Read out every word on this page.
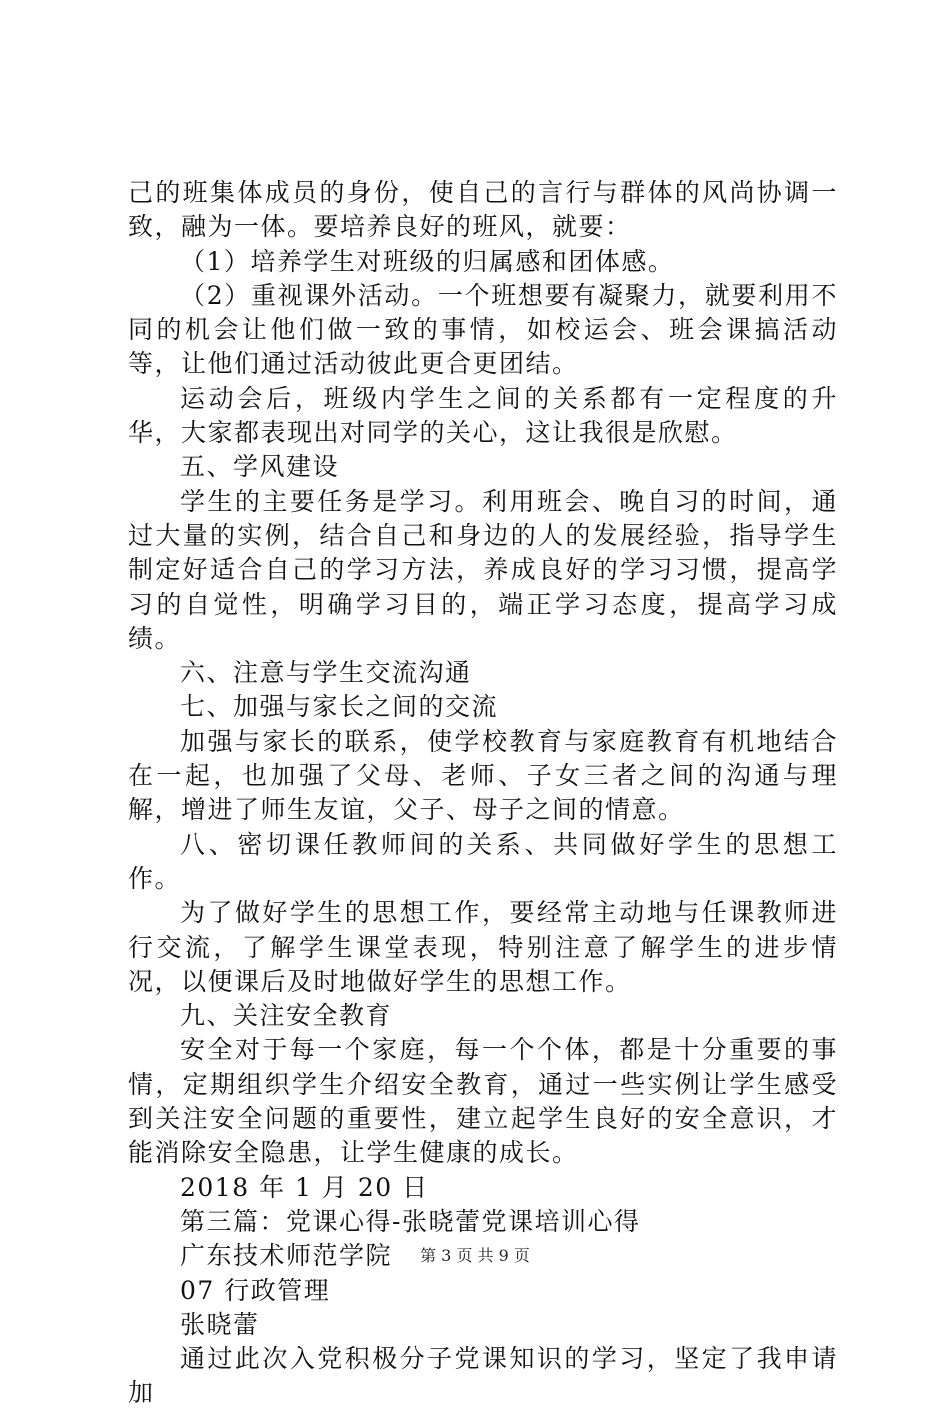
己的班集体成员的身份，使自己的言行与群体的风尚协调一致，融为一体。要培养良好的班风，就要：

（1）培养学生对班级的归属感和团体感。

（2）重视课外活动。一个班想要有凝聚力，就要利用不同的机会让他们做一致的事情，如校运会、班会课搞活动等，让他们通过活动彼此更合更团结。

运动会后，班级内学生之间的关系都有一定程度的升华，大家都表现出对同学的关心，这让我很是欣慰。

五、学风建设

学生的主要任务是学习。利用班会、晚自习的时间，通过大量的实例，结合自己和身边的人的发展经验，指导学生制定好适合自己的学习方法，养成良好的学习习惯，提高学习的自觉性，明确学习目的，端正学习态度，提高学习成绩。

六、注意与学生交流沟通

七、加强与家长之间的交流

加强与家长的联系，使学校教育与家庭教育有机地结合在一起，也加强了父母、老师、子女三者之间的沟通与理解，增进了师生友谊，父子、母子之间的情意。

八、密切课任教师间的关系、共同做好学生的思想工作。

为了做好学生的思想工作，要经常主动地与任课教师进行交流，了解学生课堂表现，特别注意了解学生的进步情况，以便课后及时地做好学生的思想工作。

九、关注安全教育

安全对于每一个家庭，每一个个体，都是十分重要的事情，定期组织学生介绍安全教育，通过一些实例让学生感受到关注安全问题的重要性，建立起学生良好的安全意识，才能消除安全隐患，让学生健康的成长。

2018 年 1 月 20 日

第三篇：党课心得-张晓蕾党课培训心得

广东技术师范学院

07 行政管理

张晓蕾

通过此次入党积极分子党课知识的学习，坚定了我申请加

第 3 页 共 9 页
